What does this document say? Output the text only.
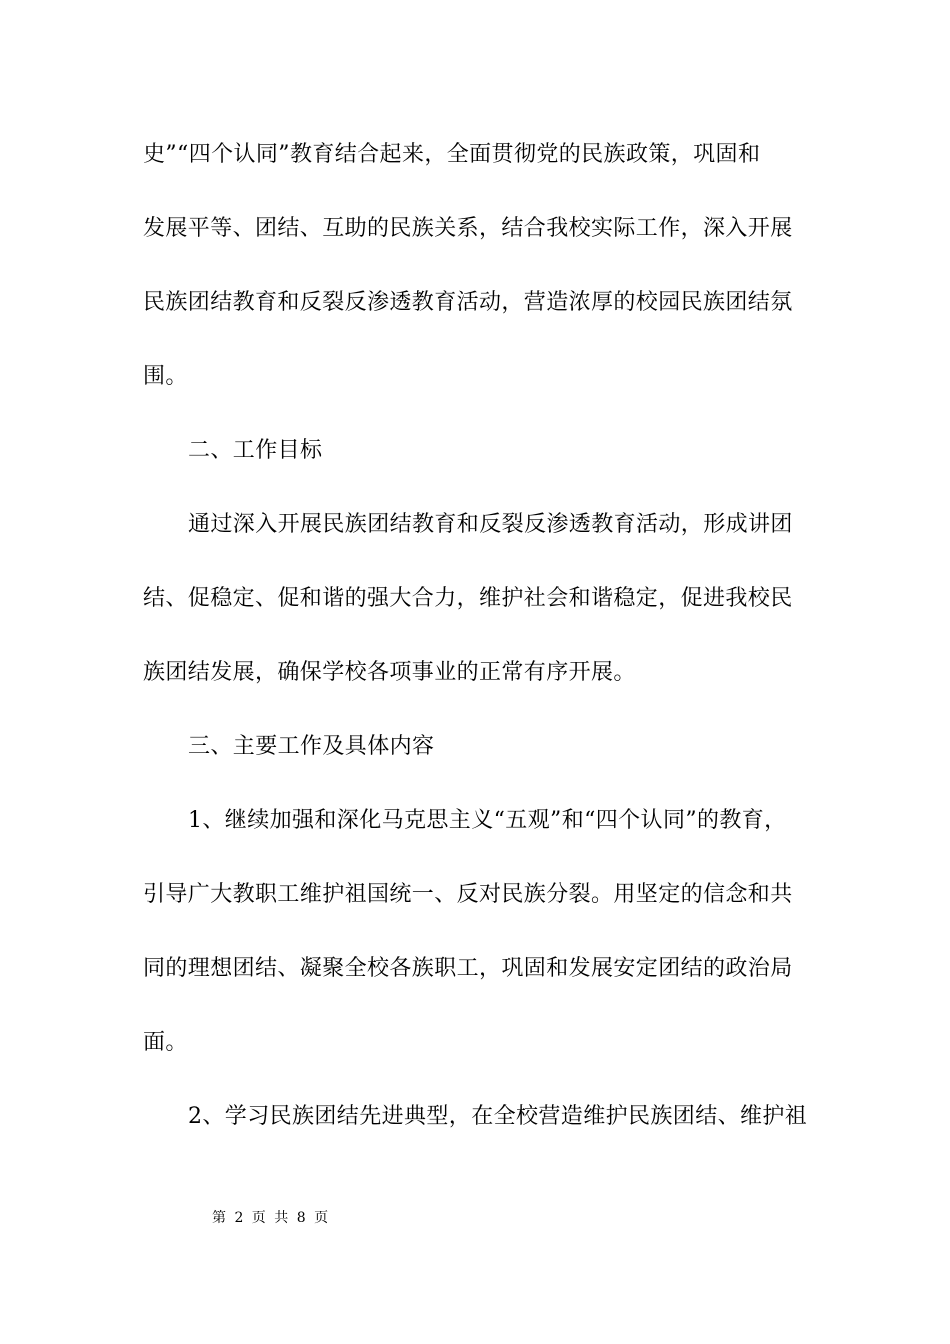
史”“四个认同”教育结合起来，全面贯彻党的民族政策，巩固和
发展平等、团结、互助的民族关系，结合我校实际工作，深入开展
民族团结教育和反裂反渗透教育活动，营造浓厚的校园民族团结氛
围。
二、工作目标
通过深入开展民族团结教育和反裂反渗透教育活动，形成讲团
结、促稳定、促和谐的强大合力，维护社会和谐稳定，促进我校民
族团结发展，确保学校各项事业的正常有序开展。
三、主要工作及具体内容
1、继续加强和深化马克思主义“五观”和“四个认同”的教育，
引导广大教职工维护祖国统一、反对民族分裂。用坚定的信念和共
同的理想团结、凝聚全校各族职工，巩固和发展安定团结的政治局
面。
2、学习民族团结先进典型，在全校营造维护民族团结、维护祖
第 2 页 共 8 页
